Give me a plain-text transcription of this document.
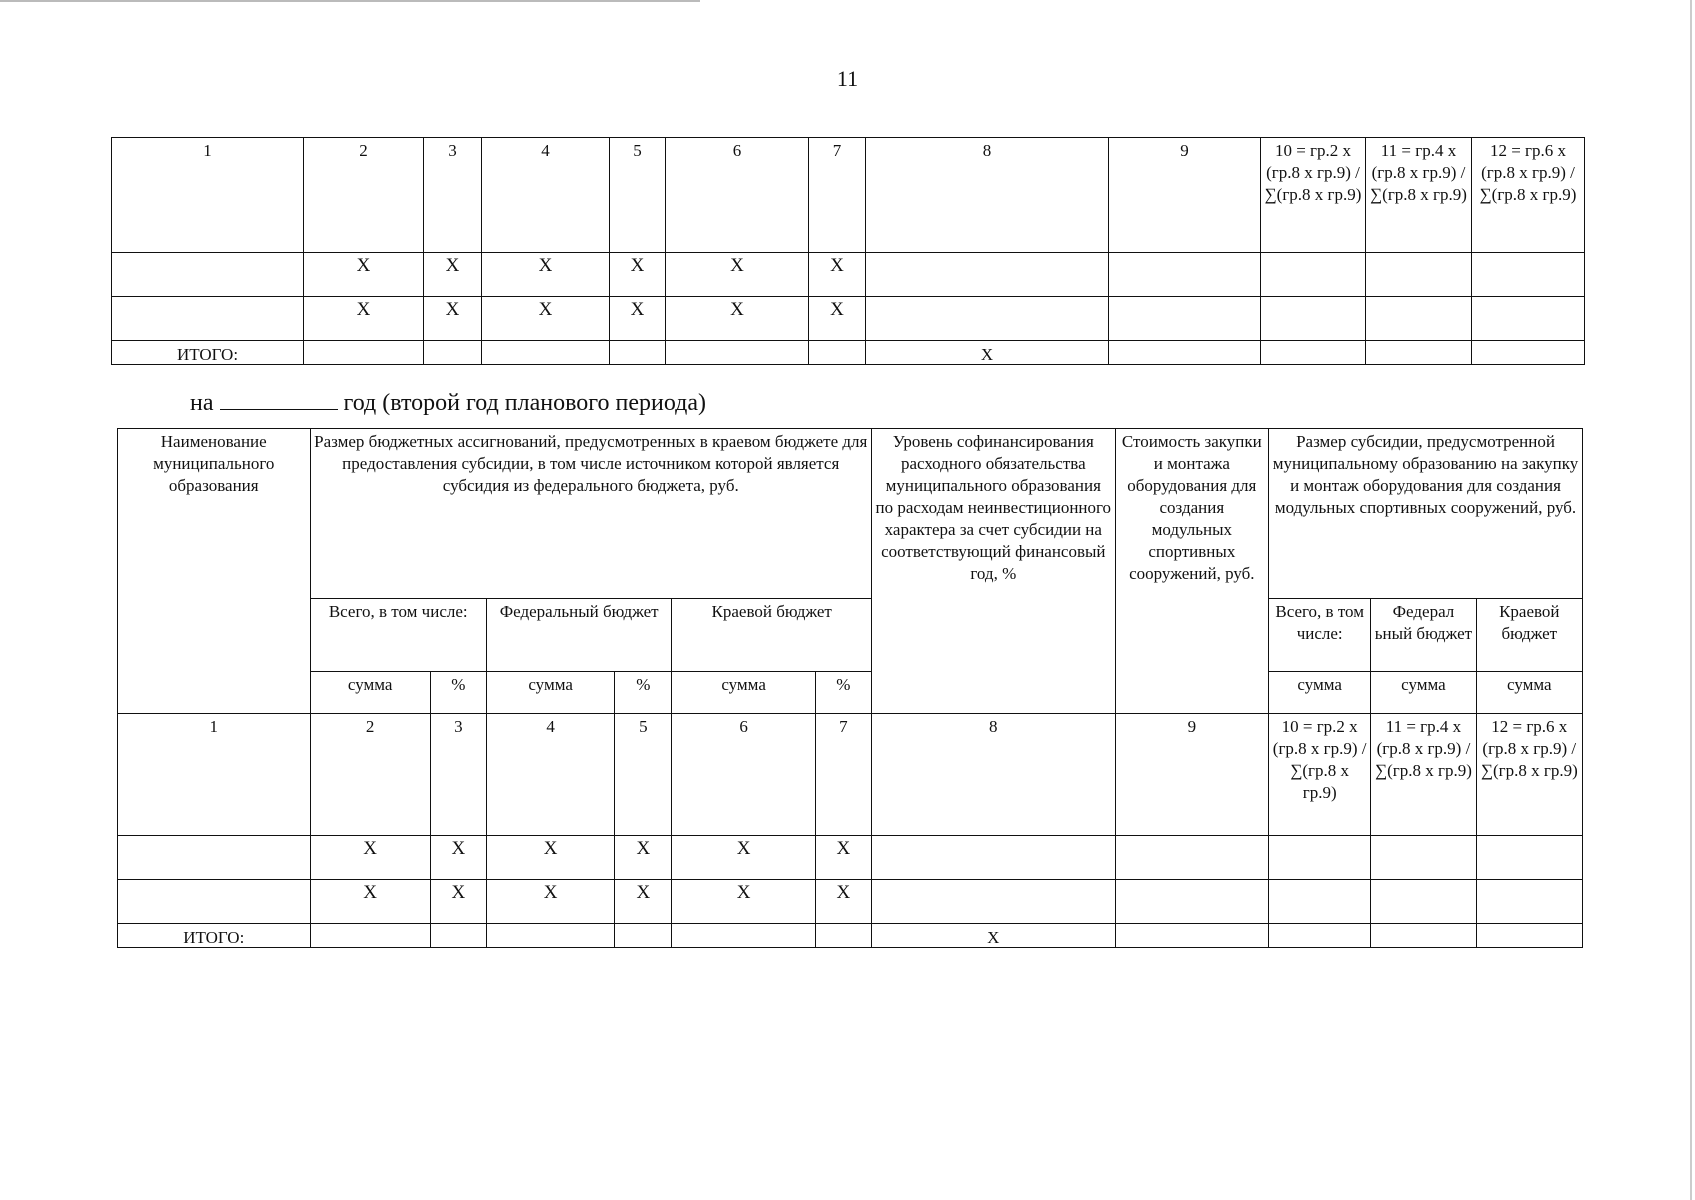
11
1	2	3	4	5	6	7	8	9	10 = гр.2 х (гр.8 х гр.9) / ∑(гр.8 х гр.9)	11 = гр.4 х (гр.8 х гр.9) / ∑(гр.8 х гр.9)	12 = гр.6 х (гр.8 х гр.9) / ∑(гр.8 х гр.9)
	Х	Х	Х	Х	Х	Х					
	Х	Х	Х	Х	Х	Х					
ИТОГО:							Х				
на	год (второй год планового периода)
Наименование муниципального образования	Размер бюджетных ассигнований, предусмотренных в краевом бюджете для предоставления субсидии, в том числе источником которой является субсидия из федерального бюджета, руб.						Уровень софинансирования расходного обязательства муниципального образования по расходам неинвестиционного характера за счет субсидии на соответствующий финансовый год, %	Стоимость закупки и монтажа оборудования для создания модульных спортивных сооружений, руб.	Размер субсидии, предусмотренной муниципальному образованию на закупку и монтаж оборудования для создания модульных спортивных сооружений, руб.		
	Всего, в том числе:		Федеральный бюджет		Краевой бюджет				Всего, в том числе:	Федерал ьный бюджет	Краевой бюджет
	сумма	%	сумма	%	сумма	%			сумма	сумма	сумма
1	2	3	4	5	6	7	8	9	10 = гр.2 х (гр.8 х гр.9) / ∑(гр.8 х гр.9)	11 = гр.4 х (гр.8 х гр.9) / ∑(гр.8 х гр.9)	12 = гр.6 х (гр.8 х гр.9) / ∑(гр.8 х гр.9)
	Х	Х	Х	Х	Х	Х					
	Х	Х	Х	Х	Х	Х					
ИТОГО:							Х				
